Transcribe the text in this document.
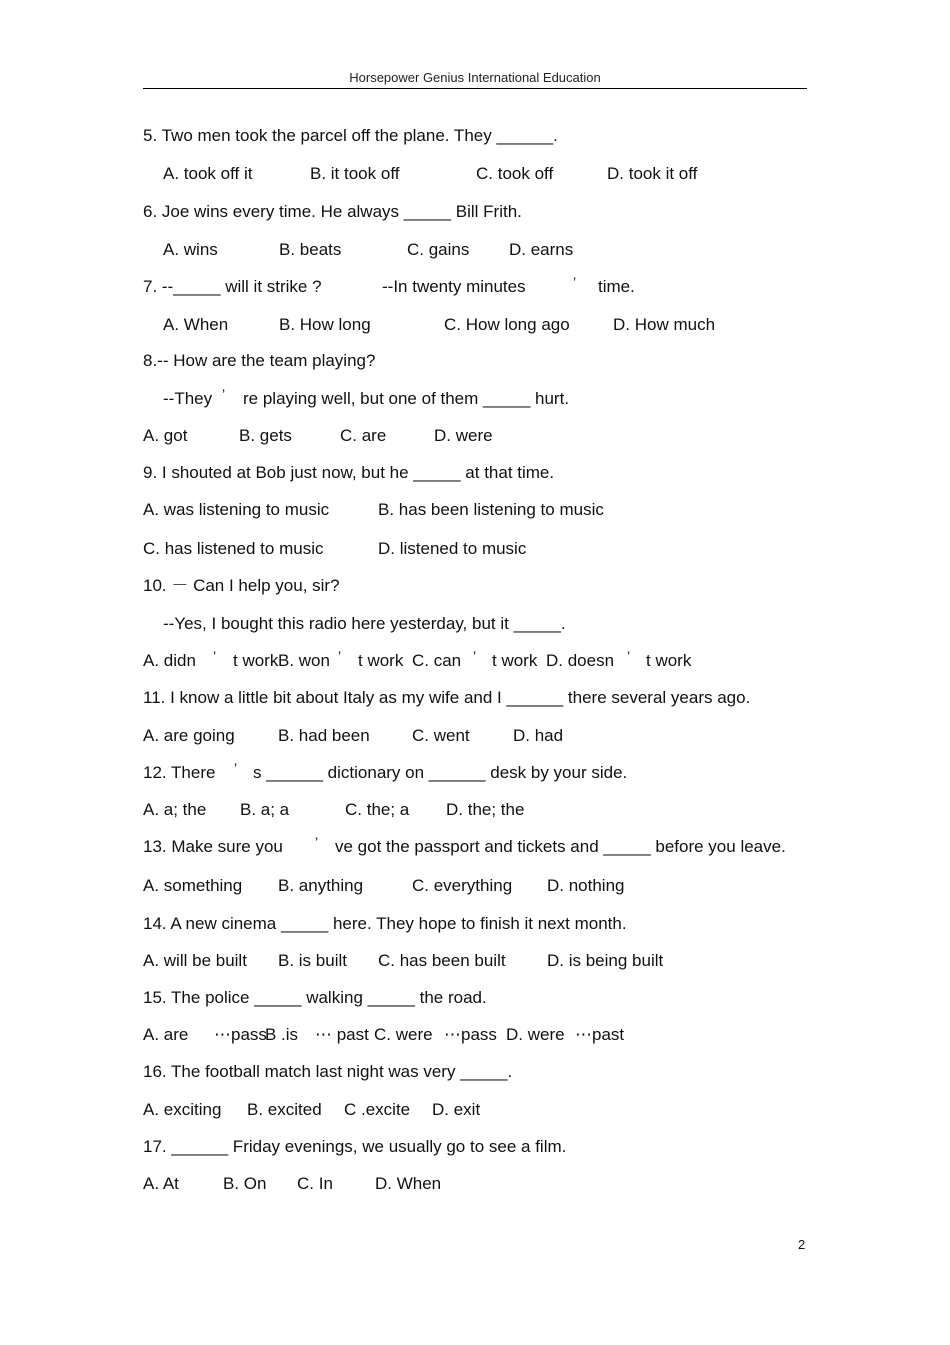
Horsepower Genius International Education
5. Two men took the parcel off the plane. They ______.
A. took off it	B. it took off	C. took off	D. took it off
6. Joe wins every time. He always _____ Bill Frith.
A. wins	B. beats	C. gains D. earns
7. --_____ will it strike ?	--In twenty minutes	’ time.
A. When	B. How long	C. How long ago	D. How much
8.-- How are the team playing?
--They ’ re playing well, but one of them _____ hurt.
A. got	B. gets	C. are	D. were
9. I shouted at Bob just now, but he _____ at that time.
A. was listening to music	B. has been listening to music
C. has listened to music	D. listened to music
10. － Can I help you, sir?
--Yes, I bought this radio here yesterday, but it _____.
A. didn ’ t work B. won ’ t work C. can ’ t work D. doesn ’ t work
11. I know a little bit about Italy as my wife and I ______ there several years ago.
A. are going	B. had been C. went	D. had
12. There ’ s ______ dictionary on ______ desk by your side.
A. a; the B. a; a	C. the; a D. the; the
13. Make sure you ’ ve got the passport and tickets and _____ before you leave.
A. something B. anything	C. everything D. nothing
14. A new cinema _____ here. They hope to finish it next month.
A. will be built B. is built C. has been built D. is being built
15. The police _____ walking _____ the road.
A. are ⋯pass
B .is ⋯ past C. were ⋯pass D. were ⋯past
16. The football match last night was very _____.
A. exciting B. excited C .excite D. exit
17. ______ Friday evenings, we usually go to see a film.
A. At	B. On C. In D. When
2
